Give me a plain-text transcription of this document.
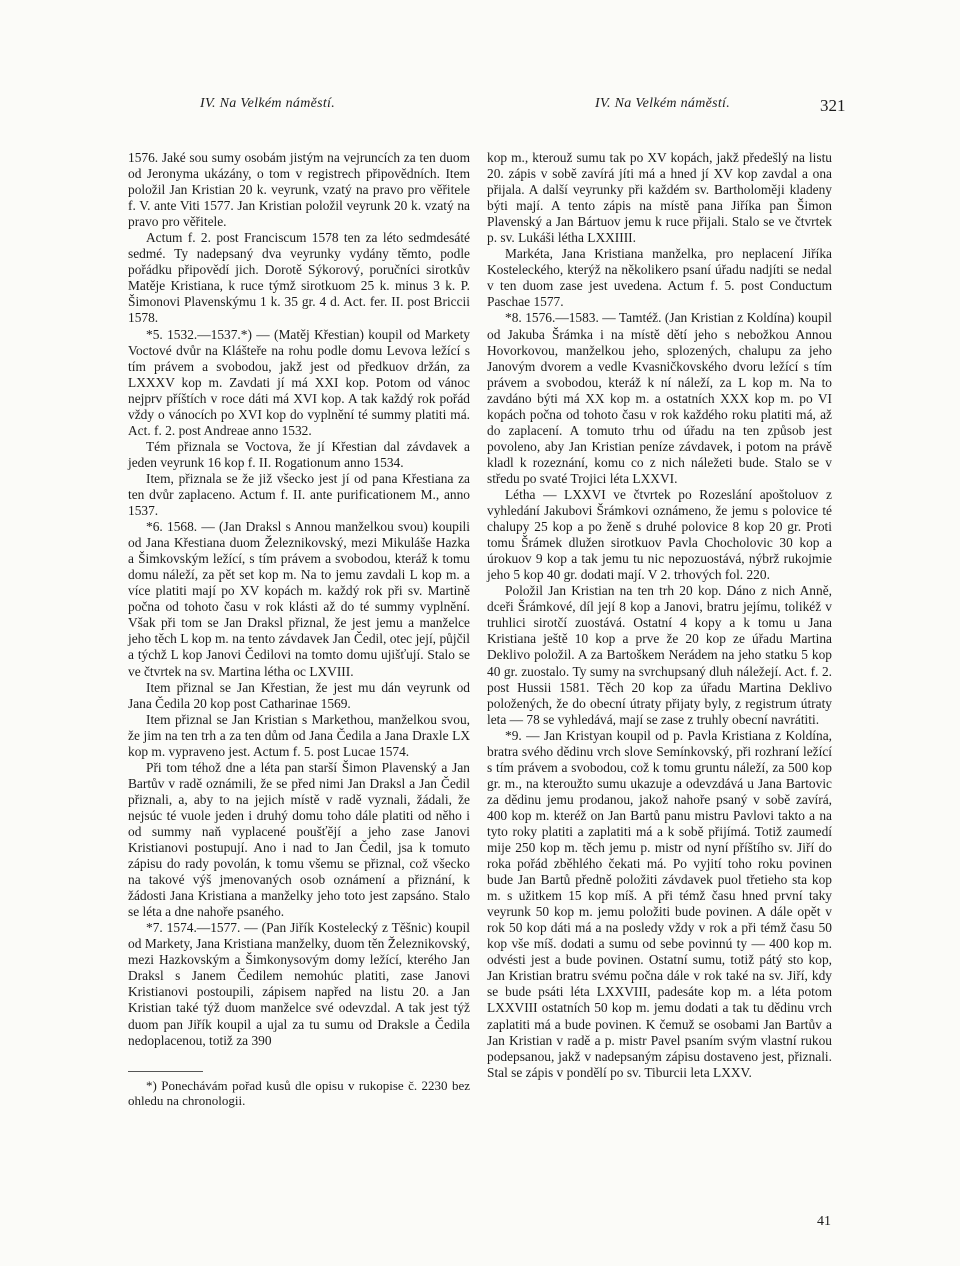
IV. Na Velkém náměstí.	IV. Na Velkém náměstí.	321

1576. Jaké sou sumy osobám jistým na vejruncích za ten duom od Jeronyma ukázány, o tom v registrech připovědních. Item položil Jan Kristian 20 k. veyrunk, vzatý na pravo pro věřitele f. V. ante Viti 1577. Jan Kristian položil veyrunk 20 k. vzatý na pravo pro věřitele.

Actum f. 2. post Franciscum 1578 ten za léto sedmdesáté sedmé. Ty nadepsaný dva veyrunky vydány těmto, podle pořádku připovědí jich. Dorotě Sýkorový, poručníci sirotkův Matěje Kristiana, k ruce týmž sirotkuom 25 k. minus 3 k. P. Šimonovi Plavenskýmu 1 k. 35 gr. 4 d. Act. fer. II. post Briccii 1578.

*5. 1532.—1537.*) — (Matěj Křestian) koupil od Markety Voctové dvůr na Klášteře na rohu podle domu Levova ležící s tím právem a svobodou, jakž jest od předkuov držán, za LXXXV kop m. Zavdati jí má XXI kop. Potom od vánoc nejprv příštích v roce dáti má XVI kop. A tak každý rok pořád vždy o vánocích po XVI kop do vyplnění té summy platiti má. Act. f. 2. post Andreae anno 1532.

Tém přiznala se Voctova, že jí Křestian dal závdavek a jeden veyrunk 16 kop f. II. Rogationum anno 1534.

Item, přiznala se že již všecko jest jí od pana Křestiana za ten dvůr zaplaceno. Actum f. II. ante purificationem M., anno 1537.

*6. 1568. — (Jan Draksl s Annou manželkou svou) koupili od Jana Křestiana duom Železnikovský, mezi Mikuláše Hazka a Šimkovským ležící, s tím právem a svobodou, kteráž k tomu domu náleží, za pět set kop m. Na to jemu zavdali L kop m. a více platiti mají po XV kopách m. každý rok při sv. Martině počna od tohoto času v rok klásti až do té summy vyplnění. Však při tom se Jan Draksl přiznal, že jest jemu a manželce jeho těch L kop m. na tento závdavek Jan Čedil, otec její, půjčil a týchž L kop Janovi Čedilovi na tomto domu ujišťují. Stalo se ve čtvrtek na sv. Martina létha oc LXVIII.

Item přiznal se Jan Křestian, že jest mu dán veyrunk od Jana Čedila 20 kop post Catharinae 1569.

Item přiznal se Jan Kristian s Markethou, manželkou svou, že jim na ten trh a za ten dům od Jana Čedila a Jana Draxle LX kop m. vypraveno jest. Actum f. 5. post Lucae 1574.

Při tom téhož dne a léta pan starší Šimon Plavenský a Jan Bartův v radě oznámili, že se před nimi Jan Draksl a Jan Čedil přiznali, a, aby to na jejich místě v radě vyznali, žádali, že nejsúc té vuole jeden i druhý domu toho dále platiti od něho i od summy naň vyplacené poušťějí a jeho zase Janovi Kristianovi postupují. Ano i nad to Jan Čedil, jsa k tomuto zápisu do rady povolán, k tomu všemu se přiznal, což všecko na takové výš jmenovaných osob oznámení a přiznání, k žádosti Jana Kristiana a manželky jeho toto jest zapsáno. Stalo se léta a dne nahoře psaného.

*7. 1574.—1577. — (Pan Jiřík Kostelecký z Těšnic) koupil od Markety, Jana Kristiana manželky, duom těn Železnikovský, mezi Hazkovským a Šimkonysovým domy ležící, kterého Jan Draksl s Janem Čedilem nemohúc platiti, zase Janovi Kristianovi postoupili, zápisem napřed na listu 20. a Jan Kristian také týž duom manželce své odevzdal. A tak jest týž duom pan Jiřík koupil a ujal za tu sumu od Draksle a Čedila nedoplacenou, totiž za 390

*) Ponechávám pořad kusů dle opisu v rukopise č. 2230 bez ohledu na chronologii.

kop m., kterouž sumu tak po XV kopách, jakž předešlý na listu 20. zápis v sobě zavírá jíti má a hned jí XV kop zavdal a ona přijala. A další veyrunky při každém sv. Bartholoměji kladeny býti mají. A tento zápis na místě pana Jiříka pan Šimon Plavenský a Jan Bártuov jemu k ruce přijali. Stalo se ve čtvrtek p. sv. Lukáši létha LXXIIII.

Markéta, Jana Kristiana manželka, pro neplacení Jiříka Kosteleckého, kterýž na několikero psaní úřadu nadjíti se nedal v ten duom zase jest uvedena. Actum f. 5. post Conductum Paschae 1577.

*8. 1576.—1583. — Tamtéž. (Jan Kristian z Koldína) koupil od Jakuba Šrámka i na místě dětí jeho s nebožkou Annou Hovorkovou, manželkou jeho, splozených, chalupu za jeho Janovým dvorem a vedle Kvasničkovského dvoru ležící s tím právem a svobodou, kteráž k ní náleží, za L kop m. Na to zavdáno býti má XX kop m. a ostatních XXX kop m. po VI kopách počna od tohoto času v rok každého roku platiti má, až do zaplacení. A tomuto trhu od úřadu na ten způsob jest povoleno, aby Jan Kristian peníze závdavek, i potom na právě kladl k rozeznání, komu co z nich náležeti bude. Stalo se v středu po svaté Trojici léta LXXVI.

Létha — LXXVI ve čtvrtek po Rozeslání apoštoluov z vyhledání Jakubovi Šrámkovi oznámeno, že jemu s polovice té chalupy 25 kop a po ženě s druhé polovice 8 kop 20 gr. Proti tomu Šrámek dlužen sirotkuov Pavla Chocholovic 30 kop a úrokuov 9 kop a tak jemu tu nic nepozuostává, nýbrž rukojmie jeho 5 kop 40 gr. dodati mají. V 2. trhových fol. 220.

Položil Jan Kristian na ten trh 20 kop. Dáno z nich Anně, dceři Šrámkové, díl její 8 kop a Janovi, bratru jejímu, tolikéž v truhlici sirotčí zuostává. Ostatní 4 kopy a k tomu u Jana Kristiana ještě 10 kop a prve že 20 kop ze úřadu Martina Deklivo položil. A za Bartoškem Nerádem na jeho statku 5 kop 40 gr. zuostalo. Ty sumy na svrchupsaný dluh náležejí. Act. f. 2. post Hussii 1581. Těch 20 kop za úřadu Martina Deklivo položených, že do obecní útraty přijaty byly, z registrum útraty leta — 78 se vyhledává, mají se zase z truhly obecní navrátiti.

*9. — Jan Kristyan koupil od p. Pavla Kristiana z Koldína, bratra svého dědinu vrch slove Semínkovský, při rozhraní ležící s tím právem a svobodou, což k tomu gruntu náleží, za 500 kop gr. m., na kteroužto sumu ukazuje a odevzdává u Jana Bartovic za dědinu jemu prodanou, jakož nahoře psaný v sobě zavírá, 400 kop m. kteréž on Jan Bartů panu mistru Pavlovi takto a na tyto roky platiti a zaplatiti má a k sobě přijímá. Totiž zaumedí mije 250 kop m. těch jemu p. mistr od nyní příštího sv. Jiří do roka pořád zběhlého čekati má. Po vyjití toho roku povinen bude Jan Bartů předně položiti závdavek puol třetieho sta kop m. s užitkem 15 kop míš. A při témž času hned první taky veyrunk 50 kop m. jemu položiti bude povinen. A dále opět v rok 50 kop dáti má a na posledy vždy v rok a při témž času 50 kop vše míš. dodati a sumu od sebe povinnú ty — 400 kop m. odvésti jest a bude povinen. Ostatní sumu, totiž pátý sto kop, Jan Kristian bratru svému počna dále v rok také na sv. Jiří, kdy se bude psáti léta LXXVIII, padesáte kop m. a léta potom LXXVIII ostatních 50 kop m. jemu dodati a tak tu dědinu vrch zaplatiti má a bude povinen. K čemuž se osobami Jan Bartův a Jan Kristian v radě a p. mistr Pavel psaním svým vlastní rukou podepsanou, jakž v nadepsaným zápisu dostaveno jest, přiznali. Stal se zápis v pondělí po sv. Tiburcii leta LXXV.

41
